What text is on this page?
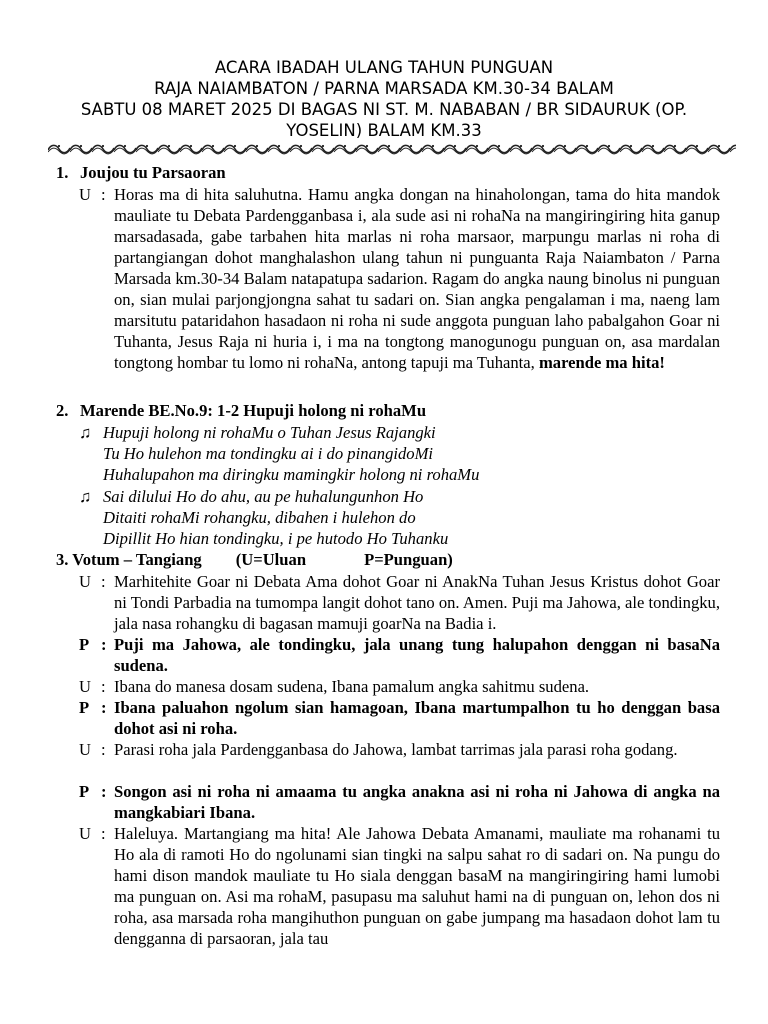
ACARA IBADAH ULANG TAHUN PUNGUAN
RAJA NAIAMBATON / PARNA MARSADA KM.30-34 BALAM
SABTU 08 MARET 2025 DI BAGAS NI ST. M. NABABAN / BR SIDAURUK (OP.
YOSELIN) BALAM KM.33
1. Joujou tu Parsaoran
U : Horas ma di hita saluhutna. Hamu angka dongan na hinaholongan, tama do hita mandok mauliate tu Debata Pardengganbasa i, ala sude asi ni rohaNa na mangiringiring hita ganup marsadasada, gabe tarbahen hita marlas ni roha marsaor, marpungu marlas ni roha di partangiangan dohot manghalashon ulang tahun ni punguanta Raja Naiambaton / Parna Marsada km.30-34 Balam natapatupa sadarion. Ragam do angka naung binolus ni punguan on, sian mulai parjongjongna sahat tu sadari on. Sian angka pengalaman i ma, naeng lam marsitutu pataridahon hasadaon ni roha ni sude anggota punguan laho pabalgahon Goar ni Tuhanta, Jesus Raja ni huria i, i ma na tongtong manogunogu punguan on, asa mardalan tongtong hombar tu lomo ni rohaNa, antong tapuji ma Tuhanta, marende ma hita!
2. Marende BE.No.9: 1-2 Hupuji holong ni rohaMu
♫ Hupuji holong ni rohaMu o Tuhan Jesus Rajangki
Tu Ho hulehon ma tondingku ai i do pinangidoMi
Huhalupahon ma diringku mamingkir holong ni rohaMu
♫ Sai dilului Ho do ahu, au pe huhalungunhon Ho
Ditaiti rohaMi rohangku, dibahen i hulehon do
Dipillit Ho hian tondingku, i pe hutodo Ho Tuhanku
3. Votum – Tangiang (U=Uluan	P=Punguan)
U : Marhitehite Goar ni Debata Ama dohot Goar ni AnakNa Tuhan Jesus Kristus dohot Goar ni Tondi Parbadia na tumompa langit dohot tano on. Amen. Puji ma Jahowa, ale tondingku, jala nasa rohangku di bagasan mamuji goarNa na Badia i.
P : Puji ma Jahowa, ale tondingku, jala unang tung halupahon denggan ni basaNa sudena.
U : Ibana do manesa dosam sudena, Ibana pamalum angka sahitmu sudena.
P : Ibana paluahon ngolum sian hamagoan, Ibana martumpalhon tu ho denggan basa dohot asi ni roha.
U : Parasi roha jala Pardengganbasa do Jahowa, lambat tarrimas jala parasi roha godang.
P : Songon asi ni roha ni amaama tu angka anakna asi ni roha ni Jahowa di angka na mangkabiari Ibana.
U : Haleluya. Martangiang ma hita! Ale Jahowa Debata Amanami, mauliate ma rohanami tu Ho ala di ramoti Ho do ngolunami sian tingki na salpu sahat ro di sadari on. Na pungu do hami dison mandok mauliate tu Ho siala denggan basaM na mangiringiring hami lumobi ma punguan on. Asi ma rohaM, pasupasu ma saluhut hami na di punguan on, lehon dos ni roha, asa marsada roha mangihuthon punguan on gabe jumpang ma hasadaon dohot lam tu dengganna di parsaoran, jala tau
